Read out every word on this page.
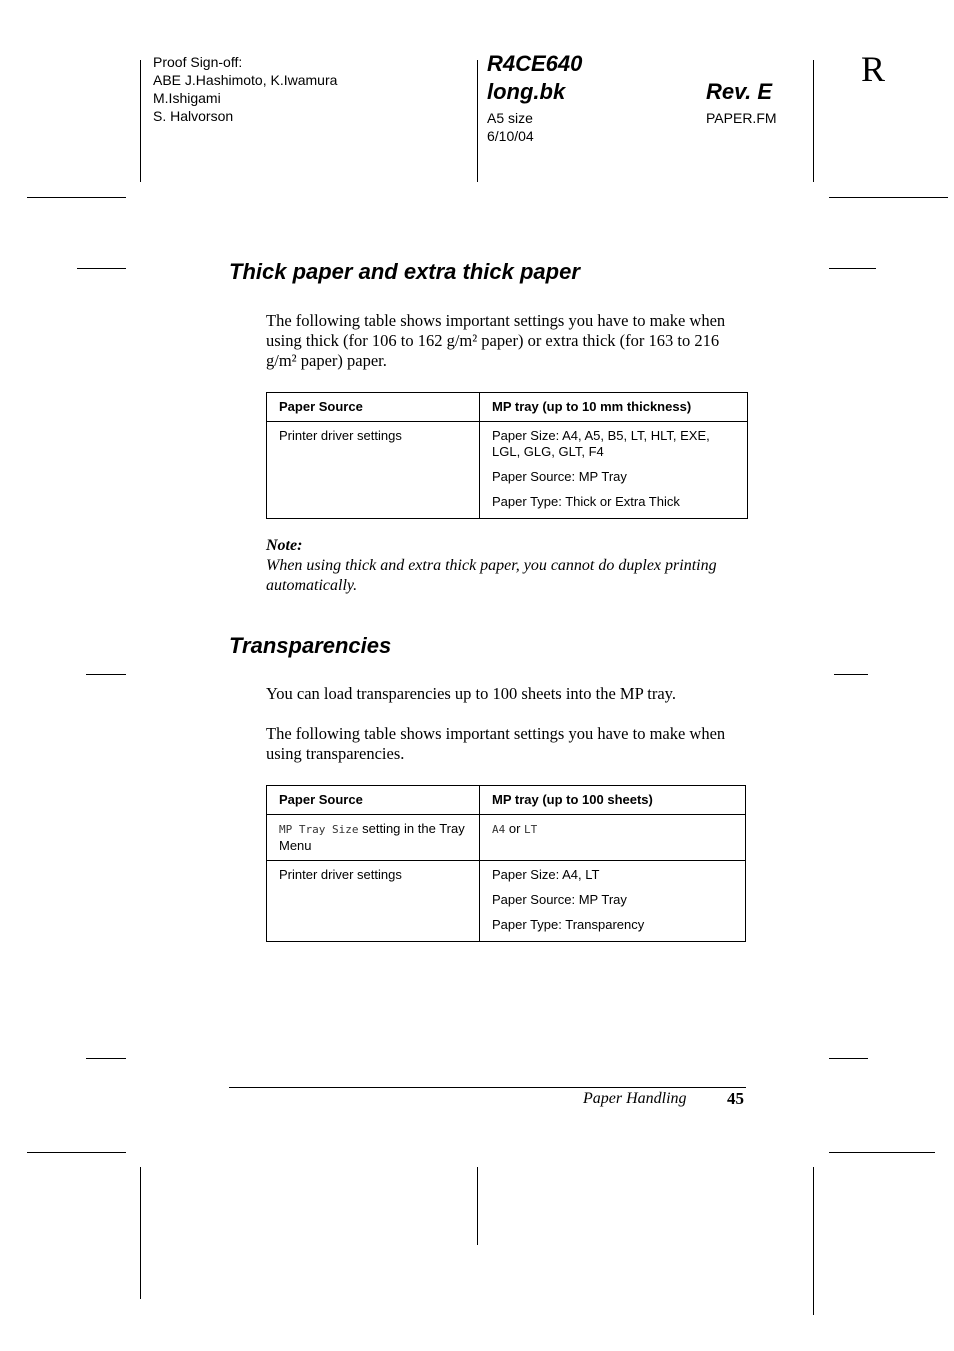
Proof Sign-off:
ABE J.Hashimoto, K.Iwamura
M.Ishigami
S. Halvorson
R4CE640
long.bk	Rev. E
A5 size
6/10/04
PAPER.FM
R
Thick paper and extra thick paper

The following table shows important settings you have to make when using thick (for 106 to 162 g/m² paper) or extra thick (for 163 to 216 g/m² paper) paper.

Paper Source	MP tray (up to 10 mm thickness)
Printer driver settings	Paper Size: A4, A5, B5, LT, HLT, EXE, LGL, GLG, GLT, F4
Paper Source: MP Tray
Paper Type: Thick or Extra Thick
Note:
When using thick and extra thick paper, you cannot do duplex printing automatically.
Transparencies

You can load transparencies up to 100 sheets into the MP tray.

The following table shows important settings you have to make when using transparencies.

Paper Source	MP tray (up to 100 sheets)
MP Tray Size setting in the Tray Menu	A4 or LT
Printer driver settings	Paper Size: A4, LT
Paper Source: MP Tray
Paper Type: Transparency
Paper Handling 45
